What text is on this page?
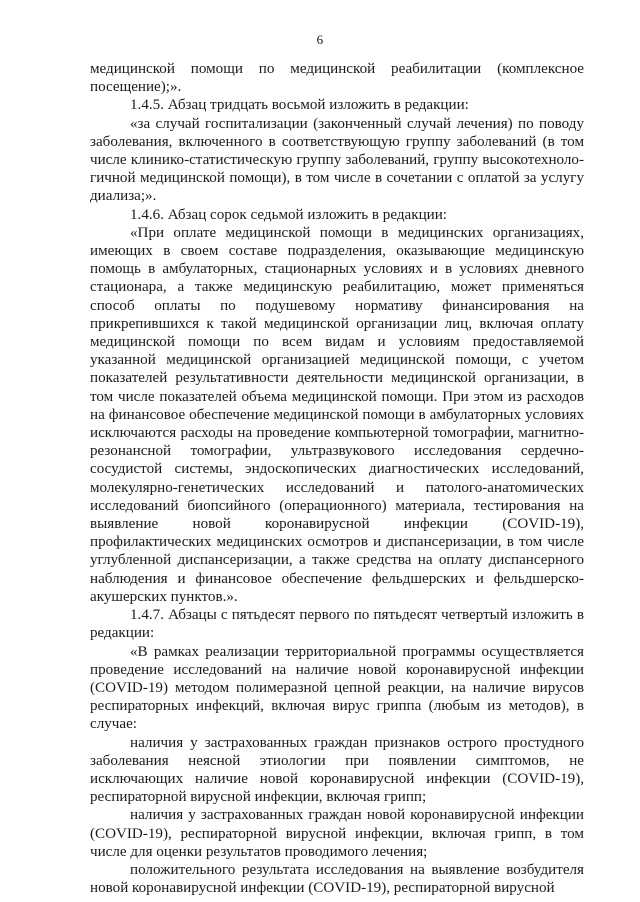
6

медицинской помощи по медицинской реабилитации (комплексное посещение);».

1.4.5. Абзац тридцать восьмой изложить в редакции:

«за случай госпитализации (законченный случай лечения) по поводу заболевания, включенного в соответствующую группу заболеваний (в том числе клинико-статистическую группу заболеваний, группу высокотехнологичной медицинской помощи), в том числе в сочетании с оплатой за услугу диализа;».

1.4.6. Абзац сорок седьмой изложить в редакции:

«При оплате медицинской помощи в медицинских организациях, имеющих в своем составе подразделения, оказывающие медицинскую помощь в амбулаторных, стационарных условиях и в условиях дневного стационара, а также медицинскую реабилитацию, может применяться способ оплаты по подушевому нормативу финансирования на прикрепившихся к такой медицинской организации лиц, включая оплату медицинской помощи по всем видам и условиям предоставляемой указанной медицинской организацией медицинской помощи, с учетом показателей результативности деятельности медицинской организации, в том числе показателей объема медицинской помощи. При этом из расходов на финансовое обеспечение медицинской помощи в амбулаторных условиях исключаются расходы на проведение компьютерной томографии, магнитно-резонансной томографии, ультразвукового исследования сердечно-сосудистой системы, эндоскопических диагностических исследований, молекулярно-генетических исследований и патолого-анатомических исследований биопсийного (операционного) материала, тестирования на выявление новой коронавирусной инфекции (COVID-19), профилактических медицинских осмотров и диспансеризации, в том числе углубленной диспансеризации, а также средства на оплату диспансерного наблюдения и финансовое обеспечение фельдшерских и фельдшерско-акушерских пунктов.».

1.4.7. Абзацы с пятьдесят первого по пятьдесят четвертый изложить в редакции:

«В рамках реализации территориальной программы осуществляется проведение исследований на наличие новой коронавирусной инфекции (COVID-19) методом полимеразной цепной реакции, на наличие вирусов респираторных инфекций, включая вирус гриппа (любым из методов), в случае:

наличия у застрахованных граждан признаков острого простудного заболевания неясной этиологии при появлении симптомов, не исключающих наличие новой коронавирусной инфекции (COVID-19), респираторной вирусной инфекции, включая грипп;

наличия у застрахованных граждан новой коронавирусной инфекции (COVID-19), респираторной вирусной инфекции, включая грипп, в том числе для оценки результатов проводимого лечения;

положительного результата исследования на выявление возбудителя новой коронавирусной инфекции (COVID-19), респираторной вирусной
